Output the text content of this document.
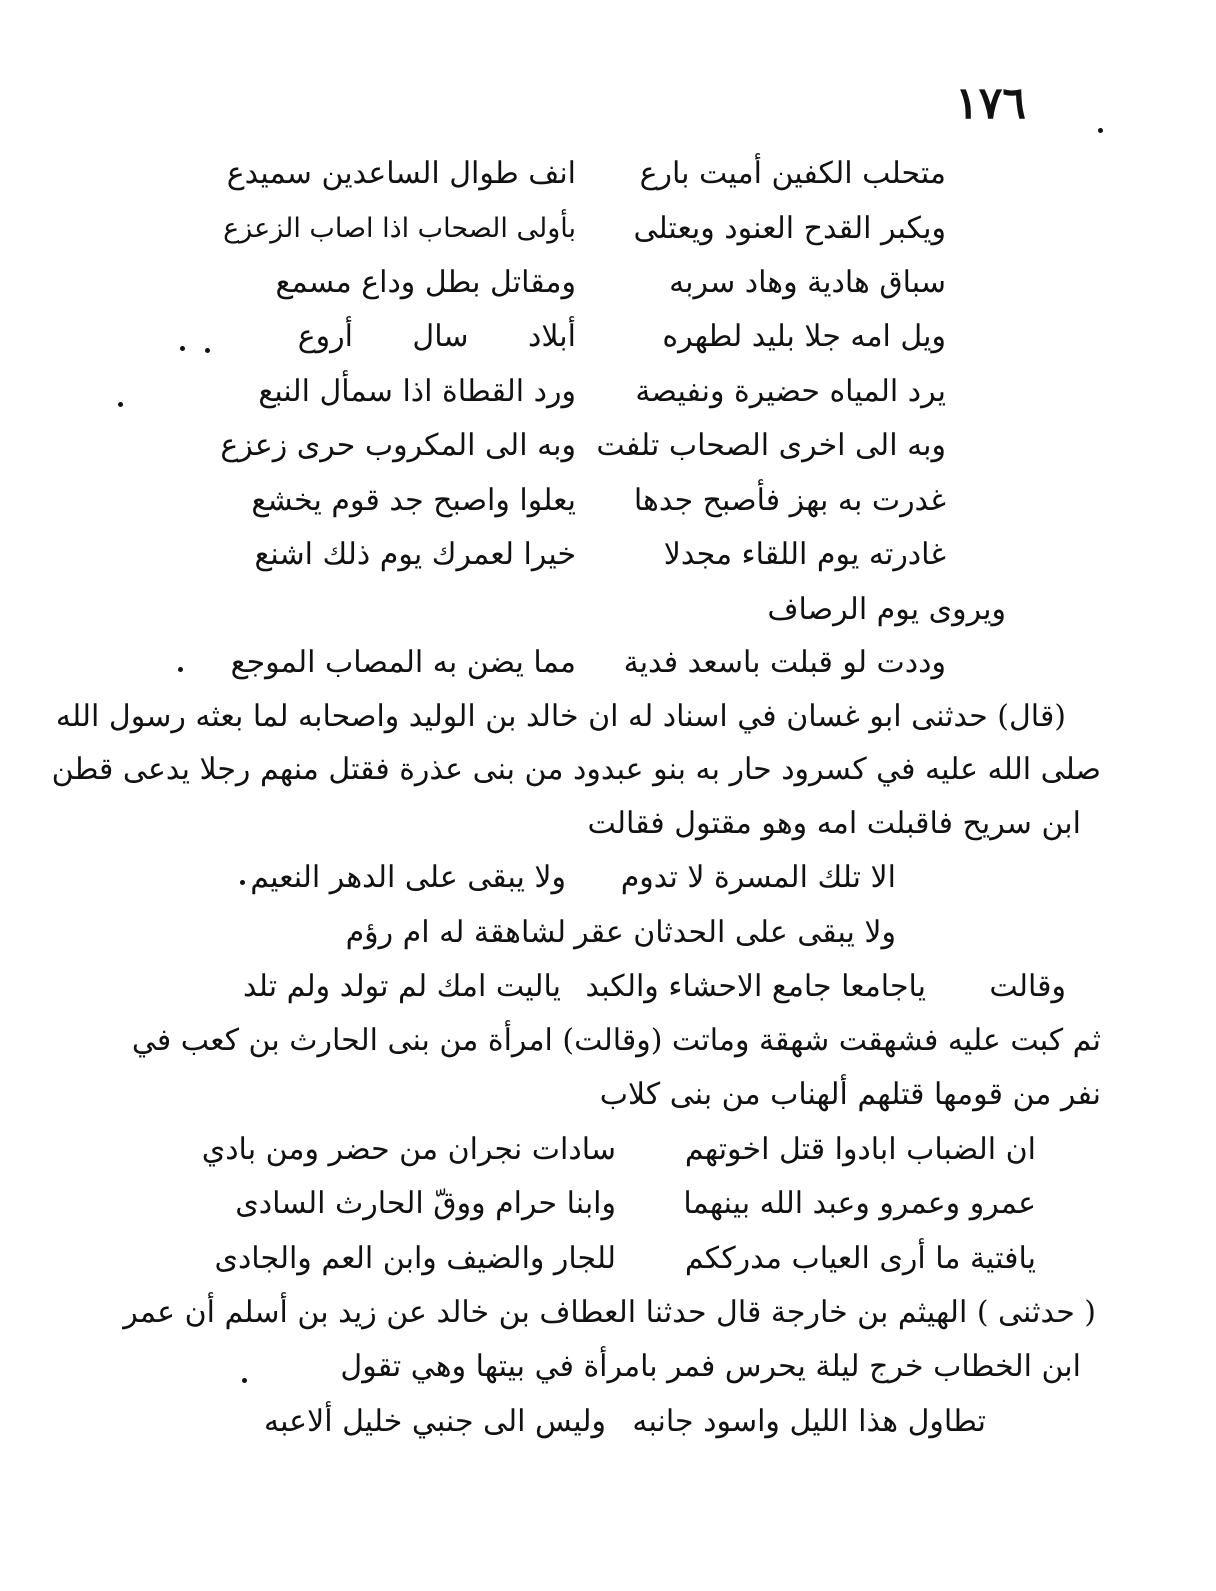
١٧٦
متحلب الكفين أميت بارع
انف طوال الساعدين سميدع
ويكبر القدح العنود ويعتلى
بأولى الصحاب اذا اصاب الزعزع
سباق هادية وهاد سربه
ومقاتل بطل وداع مسمع
ويل امه جلا بليد لطهره
أبلاد سال أروع
يرد المياه حضيرة ونفيصة
ورد القطاة اذا سمأل النبع
وبه الى اخرى الصحاب تلفت
وبه الى المكروب حرى زعزع
غدرت به بهز فأصبح جدها
يعلوا واصبح جد قوم يخشع
غادرته يوم اللقاء مجدلا
خيرا لعمرك يوم ذلك اشنع
ويروى يوم الرصاف
وددت لو قبلت باسعد فدية
مما يضن به المصاب الموجع
(قال) حدثنى ابو غسان في اسناد له ان خالد بن الوليد واصحابه لما بعثه رسول الله
صلى الله عليه في كسرود حار به بنو عبدود من بنى عذرة فقتل منهم رجلا يدعى قطن
ابن سريح فاقبلت امه وهو مقتول فقالت
الا تلك المسرة لا تدوم
ولا يبقى على الدهر النعيم
ولا يبقى على الحدثان عقر
لشاهقة له ام رؤم
وقالت
ياجامعا جامع الاحشاء والكبد
ياليت امك لم تولد ولم تلد
ثم كبت عليه فشهقت شهقة وماتت (وقالت) امرأة من بنى الحارث بن كعب في
نفر من قومها قتلهم ألهناب من بنى كلاب
ان الضباب ابادوا قتل اخوتهم
سادات نجران من حضر ومن بادي
عمرو وعمرو وعبد الله بينهما
وابنا حرام ووقّ الحارث السادى
يافتية ما أرى العياب مدرككم
للجار والضيف وابن العم والجادى
( حدثنى ) الهيثم بن خارجة قال حدثنا العطاف بن خالد عن زيد بن أسلم أن عمر
ابن الخطاب خرج ليلة يحرس فمر بامرأة في بيتها وهي تقول
تطاول هذا الليل واسود جانبه
وليس الى جنبي خليل ألاعبه
